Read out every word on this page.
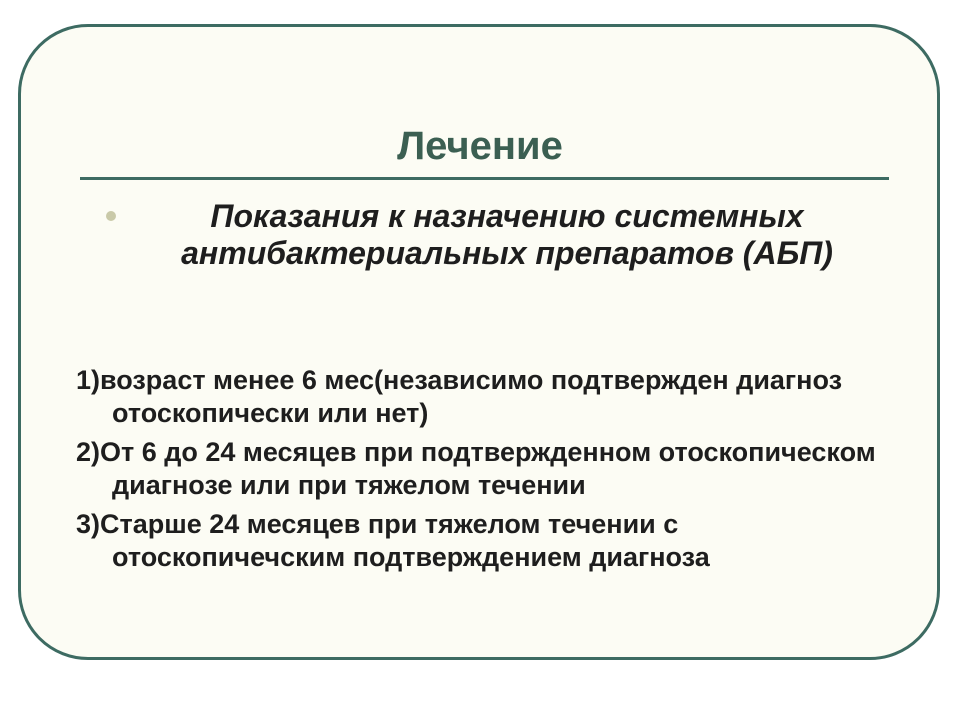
Лечение

Показания к назначению системных антибактериальных препаратов (АБП)

1)возраст менее 6 мес(независимо подтвержден диагноз отоскопически или нет)
2)От 6 до 24 месяцев при подтвержденном отоскопическом диагнозе или при тяжелом течении
3)Старше 24 месяцев при тяжелом течении с отоскопичечским подтверждением диагноза
